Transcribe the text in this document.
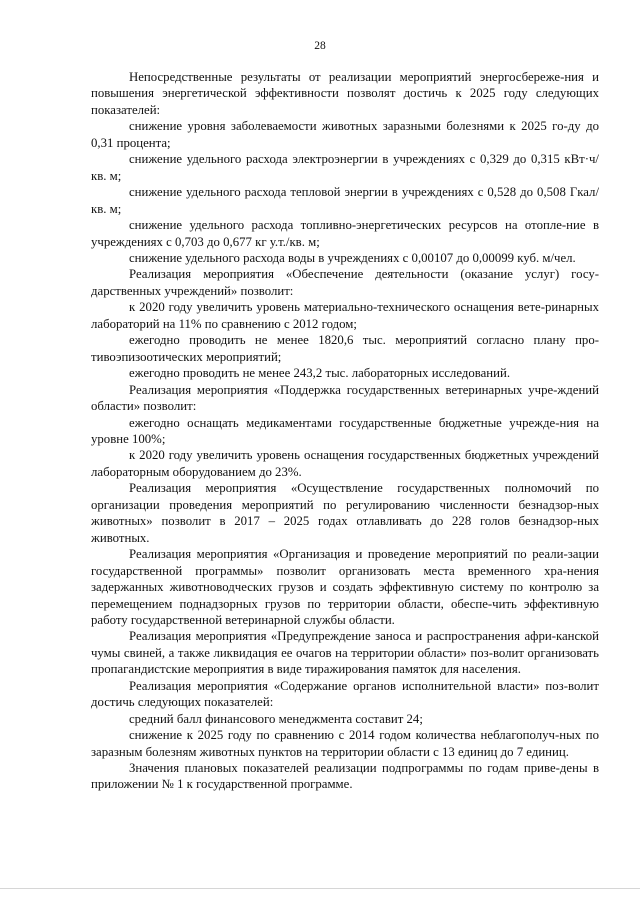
28

Непосредственные результаты от реализации мероприятий энергосбереже-ния и повышения энергетической эффективности позволят достичь к 2025 году следующих показателей:

снижение уровня заболеваемости животных заразными болезнями к 2025 го-ду до 0,31 процента;

снижение удельного расхода электроэнергии в учреждениях с 0,329 до 0,315 кВт·ч/кв. м;

снижение удельного расхода тепловой энергии в учреждениях с 0,528 до 0,508 Гкал/кв. м;

снижение удельного расхода топливно-энергетических ресурсов на отопле-ние в учреждениях с 0,703 до 0,677 кг у.т./кв. м;

снижение удельного расхода воды в учреждениях с 0,00107 до 0,00099 куб. м/чел.

Реализация мероприятия «Обеспечение деятельности (оказание услуг) госу-дарственных учреждений» позволит:

к 2020 году увеличить уровень материально-технического оснащения вете-ринарных лабораторий на 11% по сравнению с 2012 годом;

ежегодно проводить не менее 1820,6 тыс. мероприятий согласно плану про-тивоэпизоотических мероприятий;

ежегодно проводить не менее 243,2 тыс. лабораторных исследований.

Реализация мероприятия «Поддержка государственных ветеринарных учре-ждений области» позволит:

ежегодно оснащать медикаментами государственные бюджетные учрежде-ния на уровне 100%;

к 2020 году увеличить уровень оснащения государственных бюджетных учреждений лабораторным оборудованием до 23%.

Реализация мероприятия «Осуществление государственных полномочий по организации проведения мероприятий по регулированию численности безнадзор-ных животных» позволит в 2017 – 2025 годах отлавливать до 228 голов безнадзор-ных животных.

Реализация мероприятия «Организация и проведение мероприятий по реали-зации государственной программы» позволит организовать места временного хра-нения задержанных животноводческих грузов и создать эффективную систему по контролю за перемещением поднадзорных грузов по территории области, обеспе-чить эффективную работу государственной ветеринарной службы области.

Реализация мероприятия «Предупреждение заноса и распространения афри-канской чумы свиней, а также ликвидация ее очагов на территории области» поз-волит организовать пропагандистские мероприятия в виде тиражирования памяток для населения.

Реализация мероприятия «Содержание органов исполнительной власти» поз-волит достичь следующих показателей:

средний балл финансового менеджмента составит 24;

снижение к 2025 году по сравнению с 2014 годом количества неблагополуч-ных по заразным болезням животных пунктов на территории области с 13 единиц до 7 единиц.

Значения плановых показателей реализации подпрограммы по годам приве-дены в приложении № 1 к государственной программе.
